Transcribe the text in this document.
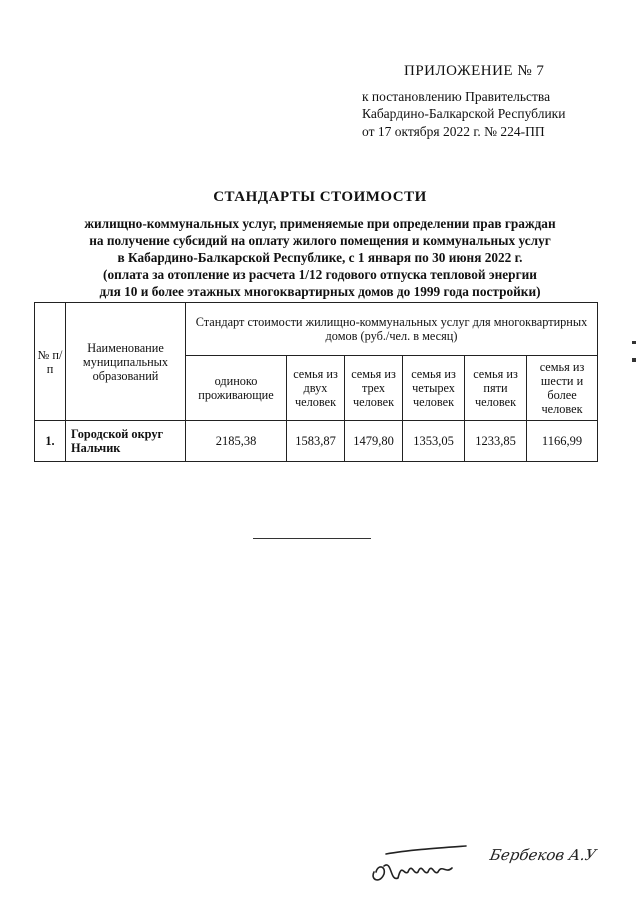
ПРИЛОЖЕНИЕ № 7
к постановлению Правительства
Кабардино-Балкарской Республики
от 17 октября 2022 г. № 224-ПП
СТАНДАРТЫ СТОИМОСТИ
жилищно-коммунальных услуг, применяемые при определении прав граждан
на получение субсидий на оплату жилого помещения и коммунальных услуг
в Кабардино-Балкарской Республике, с 1 января по 30 июня 2022 г.
(оплата за отопление из расчета 1/12 годового отпуска тепловой энергии
для 10 и более этажных многоквартирных домов до 1999 года постройки)
№ п/п	Наименование муниципальных образований	Стандарт стоимости жилищно-коммунальных услуг для многоквартирных домов (руб./чел. в месяц)					
		одиноко проживающие	семья из двух человек	семья из трех человек	семья из четырех человек	семья из пяти человек	семья из шести и более человек
1.	Городской округ Нальчик	2185,38	1583,87	1479,80	1353,05	1233,85	1166,99
Бербеков А.У
